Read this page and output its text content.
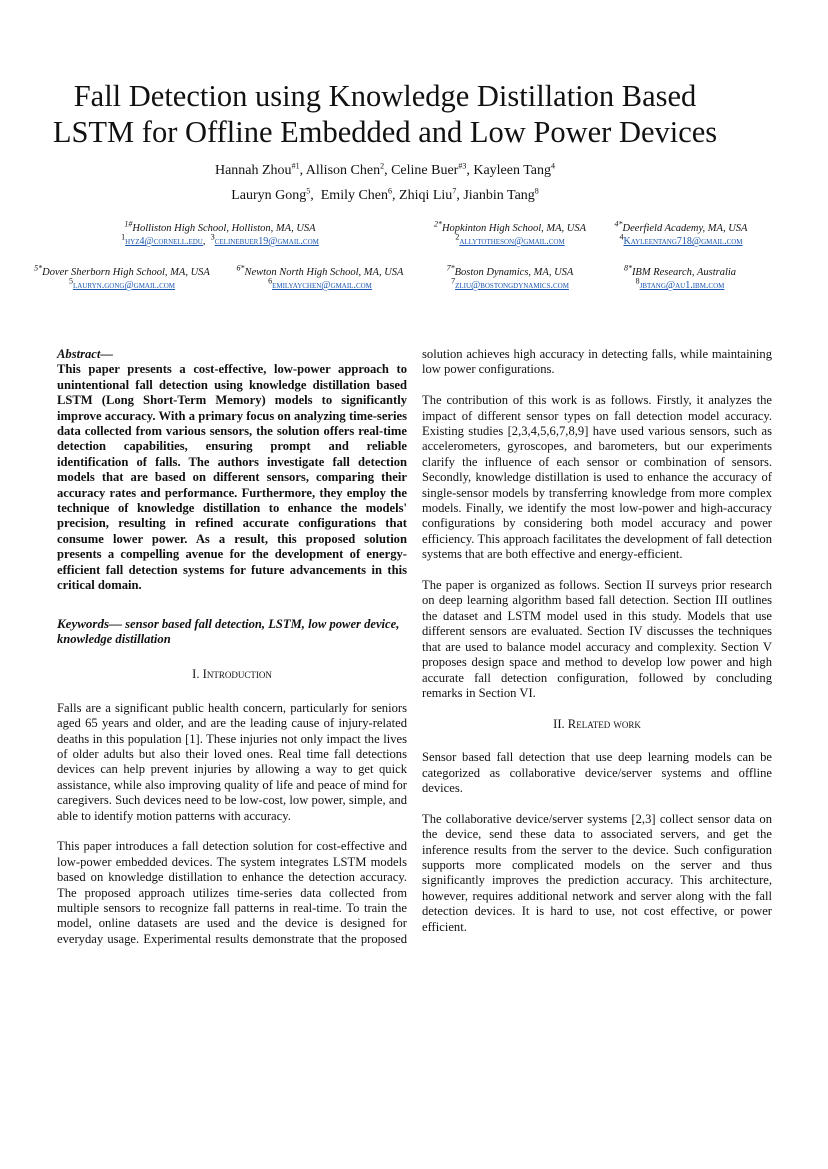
Fall Detection using Knowledge Distillation Based
LSTM for Offline Embedded and Low Power Devices
Hannah Zhou$^{\#1}$, Allison Chen$^2$, Celine Buer$^{\#3}$, Kayleen Tang$^4$
Lauryn Gong$^5$,  Emily Chen$^6$, Zhiqi Liu$^7$, Jianbin Tang$^8$
$^{1\#}$Holliston High School, Holliston, MA, USA
$^1$hyz4@cornell.edu,  $^3$celinebuer19@gmail.com
$^{2*}$Hopkinton High School, MA, USA
$^2$allytotheson@gmail.com
$^{4*}$Deerfield Academy, MA, USA
$^4$Kayleentang718@gmail.com
$^{5*}$Dover Sherborn High School, MA, USA
$^5$lauryn.gong@gmail.com
$^{6*}$Newton North High School, MA, USA
$^6$emilyaychen@gmail.com
$^{7*}$Boston Dynamics, MA, USA
$^7$zliu@bostongdynamics.com
$^{8*}$IBM Research, Australia
$^8$jbtang@au1.ibm.com

Abstract—
This paper presents a cost-effective, low-power approach to unintentional fall detection using knowledge distillation based LSTM (Long Short-Term Memory) models to significantly improve accuracy. With a primary focus on analyzing time-series data collected from various sensors, the solution offers real-time detection capabilities, ensuring prompt and reliable identification of falls. The authors investigate fall detection models that are based on different sensors, comparing their accuracy rates and performance. Furthermore, they employ the technique of knowledge distillation to enhance the models' precision, resulting in refined accurate configurations that consume lower power. As a result, this proposed solution presents a compelling avenue for the development of energy-efficient fall detection systems for future advancements in this critical domain.

Keywords— sensor based fall detection, LSTM, low power device, knowledge distillation

I. Introduction

Falls are a significant public health concern, particularly for seniors aged 65 years and older, and are the leading cause of injury-related deaths in this population [1]. These injuries not only impact the lives of older adults but also their loved ones. Real time fall detections devices can help prevent injuries by allowing a way to get quick assistance, while also improving quality of life and peace of mind for caregivers. Such devices need to be low-cost, low power, simple, and able to identify motion patterns with accuracy.

This paper introduces a fall detection solution for cost-effective and low-power embedded devices. The system integrates LSTM models based on knowledge distillation to enhance the detection accuracy. The proposed approach utilizes time-series data collected from multiple sensors to recognize fall patterns in real-time. To train the model, online datasets are used and the device is designed for everyday usage. Experimental results demonstrate that the proposed

solution achieves high accuracy in detecting falls, while maintaining low power configurations.

The contribution of this work is as follows. Firstly, it analyzes the impact of different sensor types on fall detection model accuracy. Existing studies [2,3,4,5,6,7,8,9] have used various sensors, such as accelerometers, gyroscopes, and barometers, but our experiments clarify the influence of each sensor or combination of sensors. Secondly, knowledge distillation is used to enhance the accuracy of single-sensor models by transferring knowledge from more complex models. Finally, we identify the most low-power and high-accuracy configurations by considering both model accuracy and power efficiency. This approach facilitates the development of fall detection systems that are both effective and energy-efficient.

The paper is organized as follows. Section II surveys prior research on deep learning algorithm based fall detection. Section III outlines the dataset and LSTM model used in this study. Models that use different sensors are evaluated. Section IV discusses the techniques that are used to balance model accuracy and complexity. Section V proposes design space and method to develop low power and high accurate fall detection configuration, followed by concluding remarks in Section VI.

II. Related work

Sensor based fall detection that use deep learning models can be categorized as collaborative device/server systems and offline devices.

The collaborative device/server systems [2,3] collect sensor data on the device, send these data to associated servers, and get the inference results from the server to the device. Such configuration supports more complicated models on the server and thus significantly improves the prediction accuracy. This architecture, however, requires additional network and server along with the fall detection devices. It is hard to use, not cost effective, or power efficient.
